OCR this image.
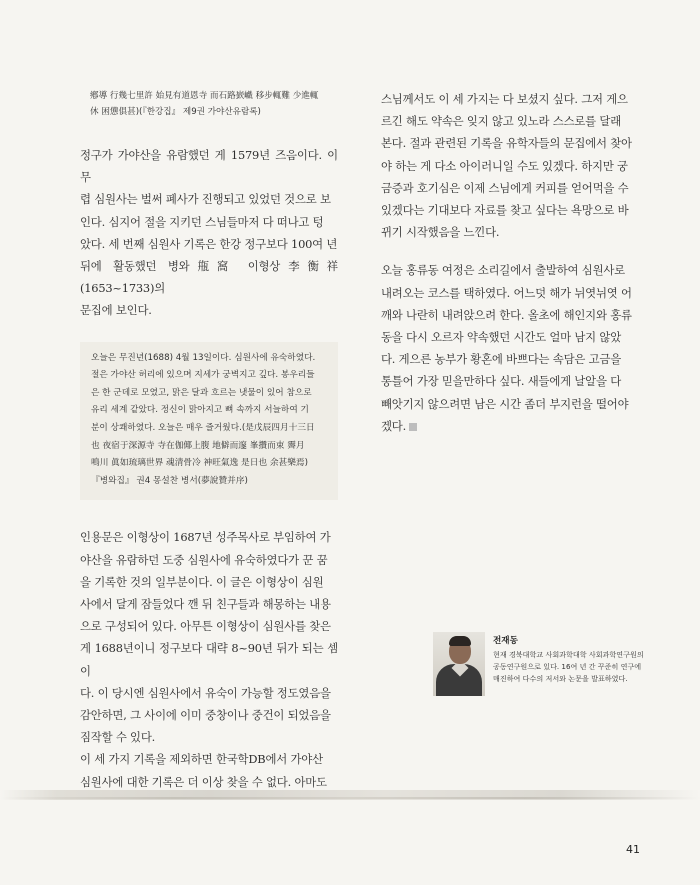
鄕導 行幾七里許 始見有道恩寺 而石路嶔巇 移步輒難 少進輒
休 困憊俱甚)(『한강집』 제9권 가야산유람록)
정구가 가야산을 유람했던 게 1579년 즈음이다. 이 무
렵 심원사는 벌써 폐사가 진행되고 있었던 것으로 보
인다. 심지어 절을 지키던 스님들마저 다 떠나고 텅
았다. 세 번째 심원사 기록은 한강 정구보다 100여 년
뒤에 활동했던 병와甁窩 이형상李衡祥(1653~1733)의
문집에 보인다.
오늘은 무진년(1688) 4월 13일이다. 심원사에 유숙하였다.
절은 가야산 허리에 있으며 지세가 궁벽지고 깊다. 봉우리들
은 한 군데로 모였고, 맑은 달과 흐르는 냇물이 있어 참으로
유리 세계 같았다. 정신이 맑아지고 뼈 속까지 서늘하여 기
분이 상쾌하였다. 오늘은 매우 즐거웠다.(是戊辰四月十三日
也 夜宿于深源寺 寺在伽倻上腹 地僻而邃 峯攢而束 霽月
鳴川 眞如琉璃世界 魂清骨冷 神旺氣逸 是日也 余甚樂焉)
『병와집』 권4 몽설찬 병서(夢說贊并序)
인용문은 이형상이 1687년 성주목사로 부임하여 가
야산을 유람하던 도중 심원사에 유숙하였다가 꾼 꿈
을 기록한 것의 일부분이다. 이 글은 이형상이 심원
사에서 달게 잠들었다 깬 뒤 친구들과 해몽하는 내용
으로 구성되어 있다. 아무튼 이형상이 심원사를 찾은
게 1688년이니 정구보다 대략 8~90년 뒤가 되는 셈이
다. 이 당시엔 심원사에서 유숙이 가능할 정도였음을
감안하면, 그 사이에 이미 중창이나 중건이 되었음을
짐작할 수 있다.
이 세 가지 기록을 제외하면 한국학DB에서 가야산
심원사에 대한 기록은 더 이상 찾을 수 없다. 아마도
스님께서도 이 세 가지는 다 보셨지 싶다. 그저 게으
르긴 해도 약속은 잊지 않고 있노라 스스로를 달래
본다. 절과 관련된 기록을 유학자들의 문집에서 찾아
야 하는 게 다소 아이러니일 수도 있겠다. 하지만 궁
금증과 호기심은 이제 스님에게 커피를 얻어먹을 수
있겠다는 기대보다 자료를 찾고 싶다는 욕망으로 바
뀌기 시작했음을 느낀다.
오늘 홍류동 여정은 소리길에서 출발하여 심원사로
내려오는 코스를 택하였다. 어느덧 해가 뉘엿뉘엿 어
깨와 나란히 내려앉으려 한다. 올초에 해인지와 홍류
동을 다시 오르자 약속했던 시간도 얼마 남지 않았
다. 게으른 농부가 황혼에 바쁘다는 속담은 고금을
통틀어 가장 믿을만하다 싶다. 새들에게 날알을 다
빼앗기지 않으려면 남은 시간 좀더 부지런을 떨어야
겠다.
전재동
현재 경북대학교 사회과학대학 사회과학연구원의
공동연구원으로 있다. 16여 년 간 꾸준히 연구에
매진하여 다수의 저서와 논문을 발표하였다.
41
